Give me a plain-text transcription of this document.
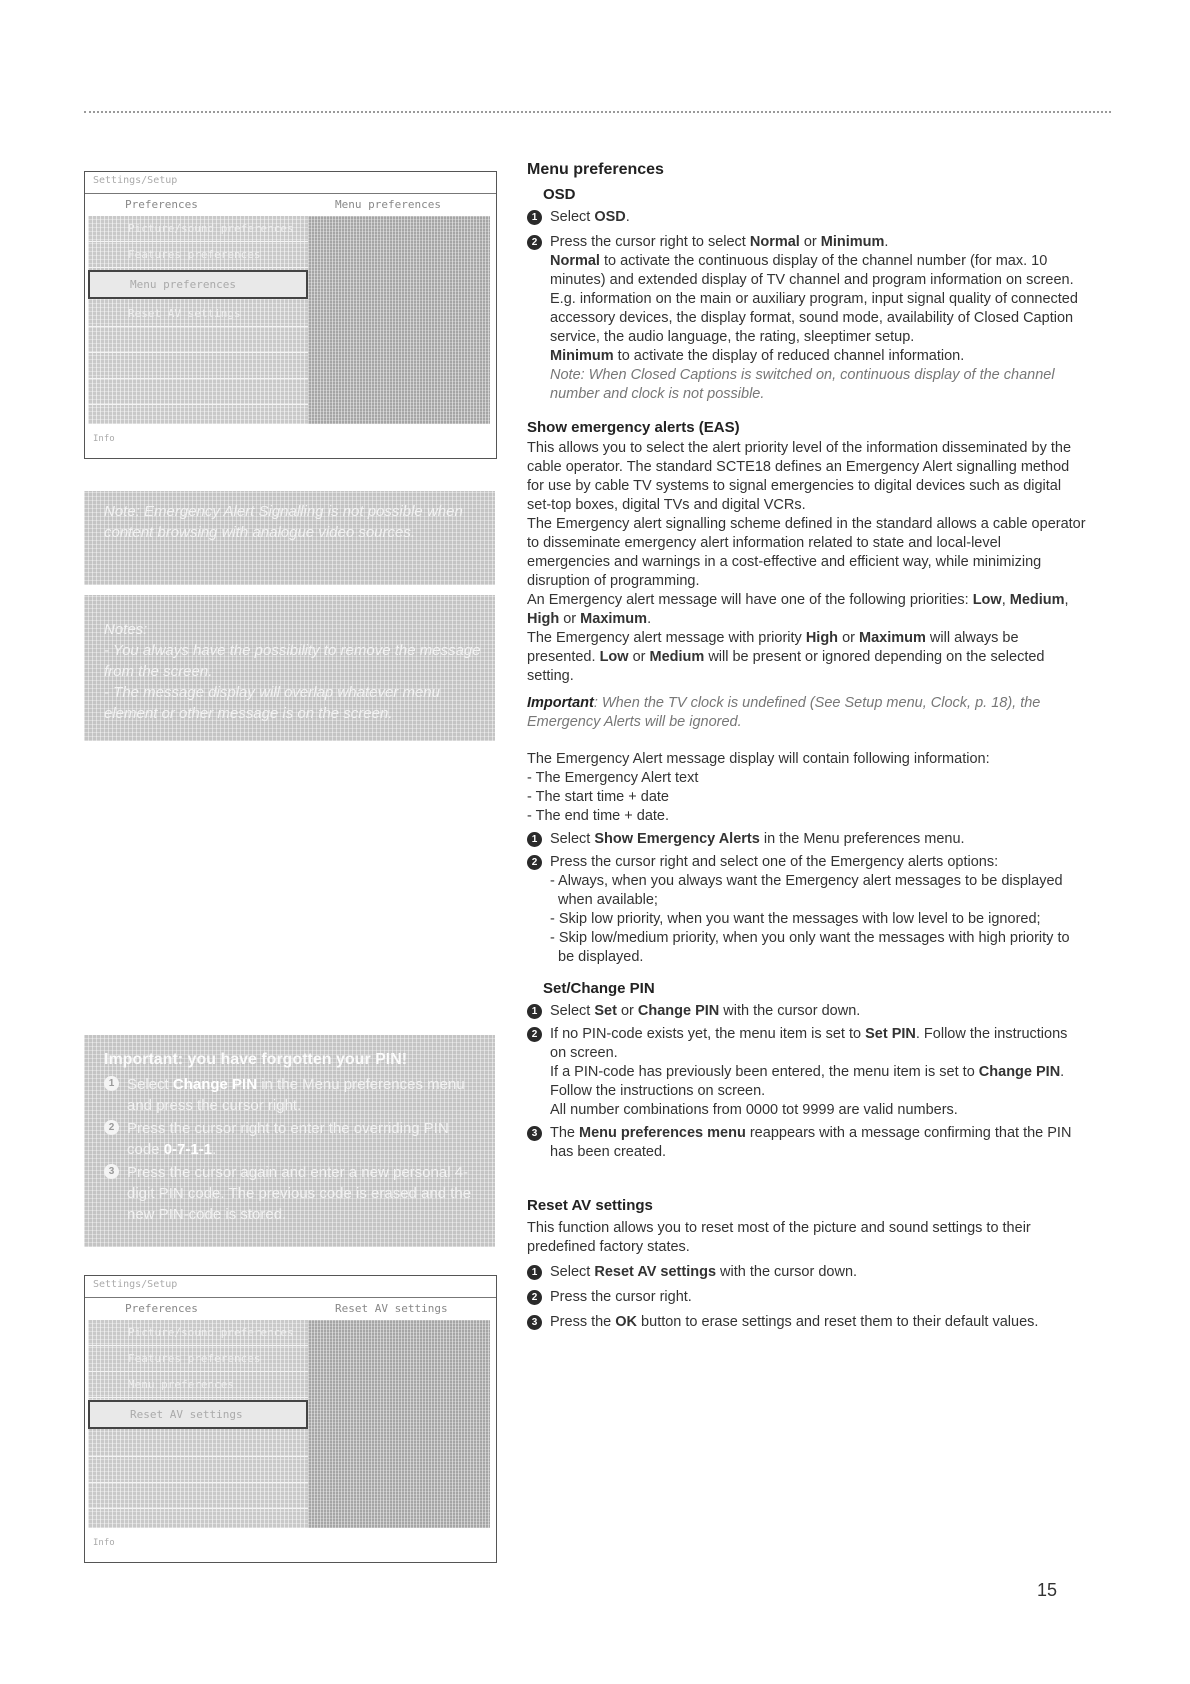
Settings/Setup
Preferences	Menu preferences
Picture/sound preferences
Features preferences
Menu preferences
Reset AV settings
Info

Note: Emergency Alert Signalling is not possible when content browsing with analogue video sources.

Notes:

- You always have the possibility to remove the message from the screen.

- The message display will overlap whatever menu element or other message is on the screen.

Important: you have forgotten your PIN!

1 Select Change PIN in the Menu preferences menu and press the cursor right.
2 Press the cursor right to enter the overriding PIN code 0-7-1-1.
3 Press the cursor again and enter a new personal 4-digit PIN code. The previous code is erased and the new PIN-code is stored.
Settings/Setup
Preferences	Reset AV settings
Picture/sound preferences
Features preferences
Menu preferences
Reset AV settings
Info
Menu preferences
OSD
1 Select OSD.
2 Press the cursor right to select Normal or Minimum.
Normal to activate the continuous display of the channel number (for max. 10 minutes) and extended display of TV channel and program information on screen. E.g. information on the main or auxiliary program, input signal quality of connected accessory devices, the display format, sound mode, availability of Closed Caption service, the audio language, the rating, sleeptimer setup.
Minimum to activate the display of reduced channel information.
Note: When Closed Captions is switched on, continuous display of the channel number and clock is not possible.
Show emergency alerts (EAS)

This allows you to select the alert priority level of the information disseminated by the cable operator. The standard SCTE18 defines an Emergency Alert signalling method for use by cable TV systems to signal emergencies to digital devices such as digital set-top boxes, digital TVs and digital VCRs.

The Emergency alert signalling scheme defined in the standard allows a cable operator to disseminate emergency alert information related to state and local-level emergencies and warnings in a cost-effective and efficient way, while minimizing disruption of programming.

An Emergency alert message will have one of the following priorities: Low, Medium, High or Maximum.

The Emergency alert message with priority High or Maximum will always be presented. Low or Medium will be present or ignored depending on the selected setting.

Important: When the TV clock is undefined (See Setup menu, Clock, p. 18), the Emergency Alerts will be ignored.

The Emergency Alert message display will contain following information:

- The Emergency Alert text

- The start time + date

- The end time + date.

1 Select Show Emergency Alerts in the Menu preferences menu.
2 Press the cursor right and select one of the Emergency alerts options:
- Always, when you always want the Emergency alert messages to be displayed when available;
- Skip low priority, when you want the messages with low level to be ignored;
- Skip low/medium priority, when you only want the messages with high priority to be displayed.
Set/Change PIN
1 Select Set or Change PIN with the cursor down.
2 If no PIN-code exists yet, the menu item is set to Set PIN. Follow the instructions on screen.
If a PIN-code has previously been entered, the menu item is set to Change PIN. Follow the instructions on screen.
All number combinations from 0000 tot 9999 are valid numbers.
3 The Menu preferences menu reappears with a message confirming that the PIN has been created.
Reset AV settings

This function allows you to reset most of the picture and sound settings to their predefined factory states.

1 Select Reset AV settings with the cursor down.
2 Press the cursor right.
3 Press the OK button to erase settings and reset them to their default values.
15
